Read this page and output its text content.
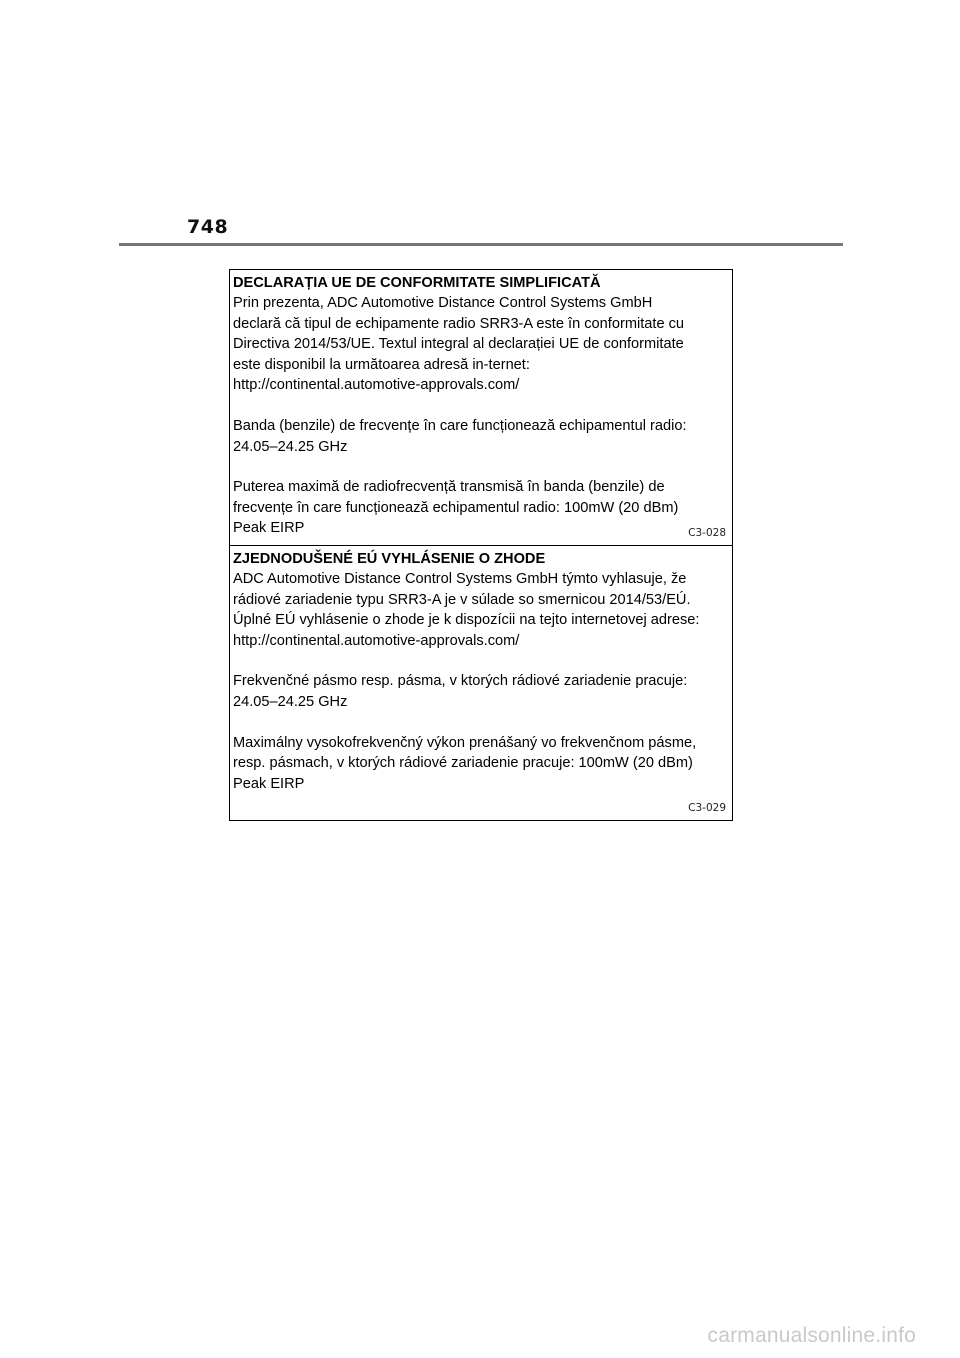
748
DECLARAȚIA UE DE CONFORMITATE SIMPLIFICATĂ

Prin prezenta, ADC Automotive Distance Control Systems GmbH
declară că tipul de echipamente radio SRR3-A este în conformitate cu
Directiva 2014/53/UE. Textul integral al declarației UE de conformitate
este disponibil la următoarea adresă in-ternet:
http://continental.automotive-approvals.com/

Banda (benzile) de frecvențe în care funcționează echipamentul radio:
24.05–24.25 GHz

Puterea maximă de radiofrecvență transmisă în banda (benzile) de
frecvențe în care funcționează echipamentul radio: 100mW (20 dBm)
Peak EIRP	C3-028
ZJEDNODUŠENÉ EÚ VYHLÁSENIE O ZHODE

ADC Automotive Distance Control Systems GmbH týmto vyhlasuje, že
rádiové zariadenie typu SRR3-A je v súlade so smernicou 2014/53/EÚ.
Úplné EÚ vyhlásenie o zhode je k dispozícii na tejto internetovej adrese:
http://continental.automotive-approvals.com/

Frekvenčné pásmo resp. pásma, v ktorých rádiové zariadenie pracuje:
24.05–24.25 GHz

Maximálny vysokofrekvenčný výkon prenášaný vo frekvenčnom pásme,
resp. pásmach, v ktorých rádiové zariadenie pracuje: 100mW (20 dBm)
Peak EIRP

C3-029
carmanualsonline.info
